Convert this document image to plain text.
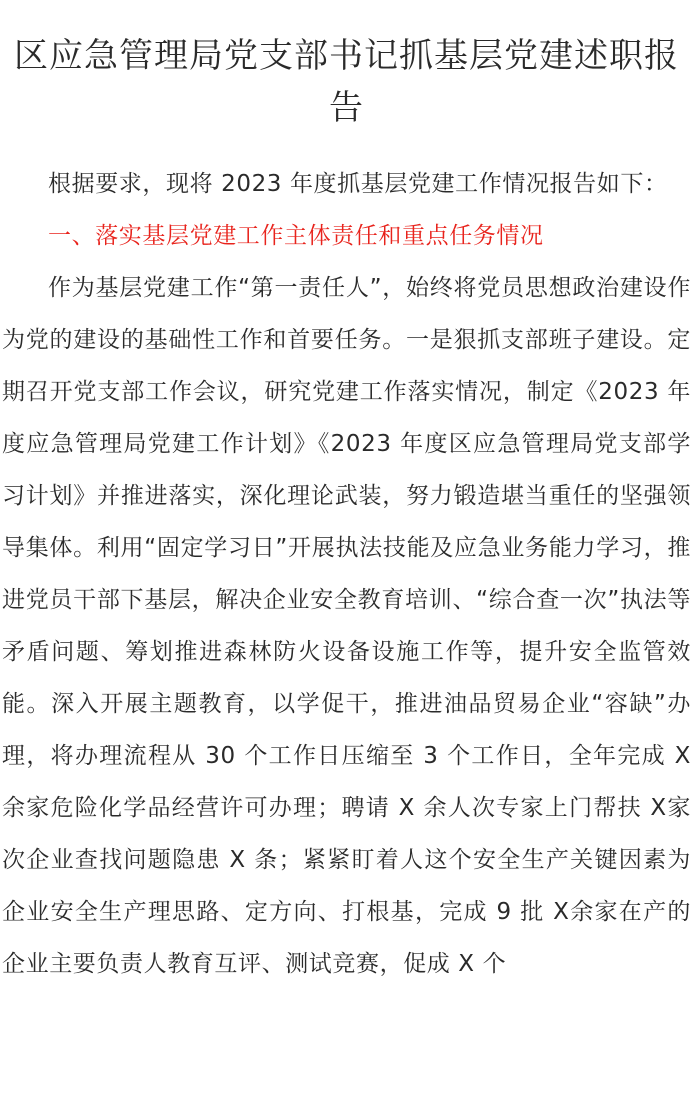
区应急管理局党支部书记抓基层党建述职报告

根据要求，现将 2023 年度抓基层党建工作情况报告如下：

一、落实基层党建工作主体责任和重点任务情况

作为基层党建工作“第一责任人”，始终将党员思想政治建设作为党的建设的基础性工作和首要任务。一是狠抓支部班子建设。定期召开党支部工作会议，研究党建工作落实情况，制定《2023 年度应急管理局党建工作计划》《2023 年度区应急管理局党支部学习计划》并推进落实，深化理论武装，努力锻造堪当重任的坚强领导集体。利用“固定学习日”开展执法技能及应急业务能力学习，推进党员干部下基层，解决企业安全教育培训、“综合查一次”执法等矛盾问题、筹划推进森林防火设备设施工作等，提升安全监管效能。深入开展主题教育，以学促干，推进油品贸易企业“容缺”办理，将办理流程从 30 个工作日压缩至 3 个工作日，全年完成 X 余家危险化学品经营许可办理；聘请 X 余人次专家上门帮扶 X家次企业查找问题隐患 X 条；紧紧盯着人这个安全生产关键因素为企业安全生产理思路、定方向、打根基，完成 9 批 X余家在产的企业主要负责人教育互评、测试竞赛，促成 X 个
